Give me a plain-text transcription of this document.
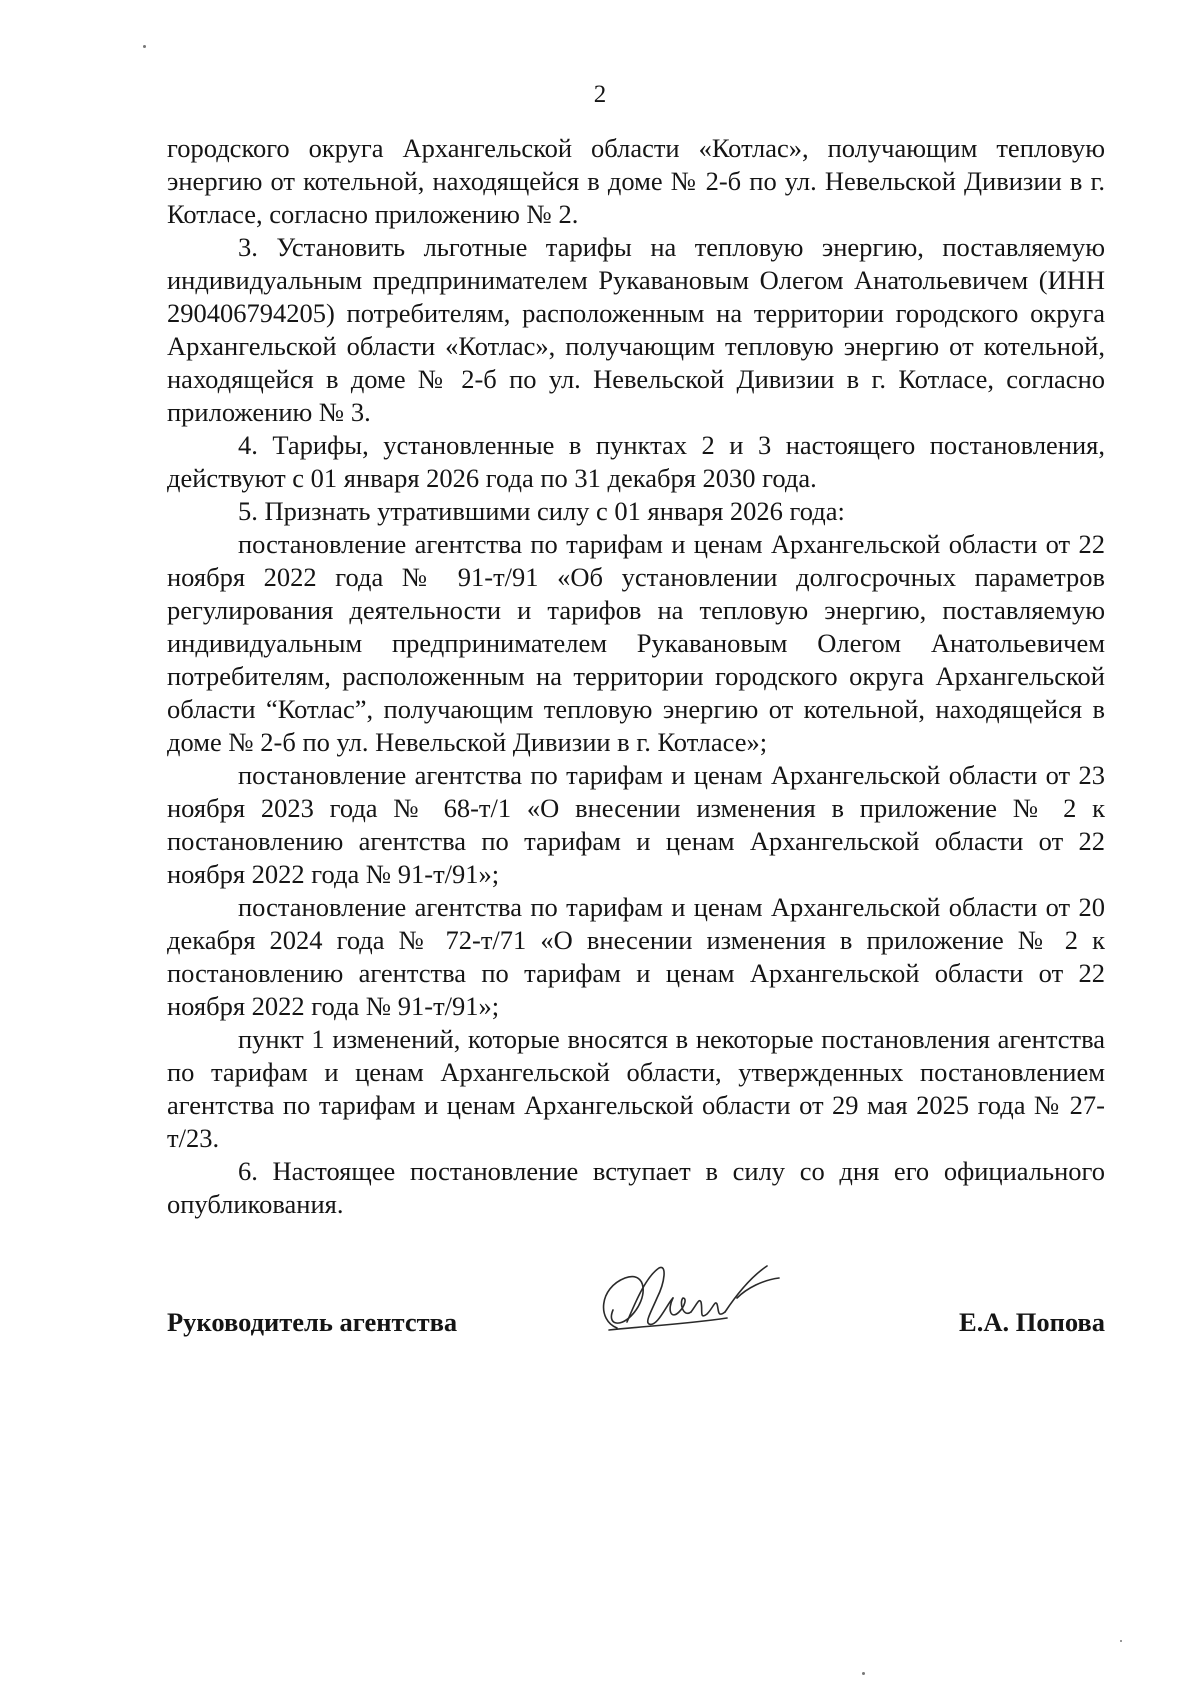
2

городского округа Архангельской области «Котлас», получающим тепловую энергию от котельной, находящейся в доме № 2-б по ул. Невельской Дивизии в г. Котласе, согласно приложению № 2.

3. Установить льготные тарифы на тепловую энергию, поставляемую индивидуальным предпринимателем Рукавановым Олегом Анатольевичем (ИНН 290406794205) потребителям, расположенным на территории городского округа Архангельской области «Котлас», получающим тепловую энергию от котельной, находящейся в доме № 2-б по ул. Невельской Дивизии в г. Котласе, согласно приложению № 3.

4. Тарифы, установленные в пунктах 2 и 3 настоящего постановления, действуют с 01 января 2026 года по 31 декабря 2030 года.

5. Признать утратившими силу с 01 января 2026 года:

постановление агентства по тарифам и ценам Архангельской области от 22 ноября 2022 года № 91-т/91 «Об установлении долгосрочных параметров регулирования деятельности и тарифов на тепловую энергию, поставляемую индивидуальным предпринимателем Рукавановым Олегом Анатольевичем потребителям, расположенным на территории городского округа Архангельской области “Котлас”, получающим тепловую энергию от котельной, находящейся в доме № 2-б по ул. Невельской Дивизии в г. Котласе»;

постановление агентства по тарифам и ценам Архангельской области от 23 ноября 2023 года № 68-т/1 «О внесении изменения в приложение № 2 к постановлению агентства по тарифам и ценам Архангельской области от 22 ноября 2022 года № 91-т/91»;

постановление агентства по тарифам и ценам Архангельской области от 20 декабря 2024 года № 72-т/71 «О внесении изменения в приложение № 2 к постановлению агентства по тарифам и ценам Архангельской области от 22 ноября 2022 года № 91-т/91»;

пункт 1 изменений, которые вносятся в некоторые постановления агентства по тарифам и ценам Архангельской области, утвержденных постановлением агентства по тарифам и ценам Архангельской области от 29 мая 2025 года № 27-т/23.

6. Настоящее постановление вступает в силу со дня его официального опубликования.

Руководитель агентства	Е.А. Попова
